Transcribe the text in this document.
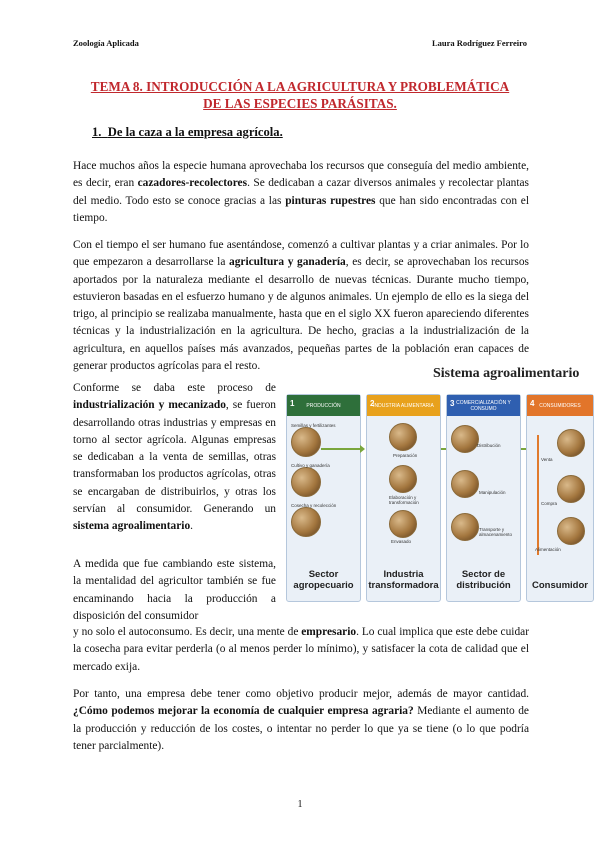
Zoología Aplicada	Laura Rodríguez Ferreiro
TEMA 8. INTRODUCCIÓN A LA AGRICULTURA Y PROBLEMÁTICA
DE LAS ESPECIES PARÁSITAS.
1. De la caza a la empresa agrícola.

Hace muchos años la especie humana aprovechaba los recursos que conseguía del medio ambiente, es decir, eran cazadores-recolectores. Se dedicaban a cazar diversos animales y recolectar plantas del medio. Todo esto se conoce gracias a las pinturas rupestres que han sido encontradas con el tiempo.

Con el tiempo el ser humano fue asentándose, comenzó a cultivar plantas y a criar animales. Por lo que empezaron a desarrollarse la agricultura y ganadería, es decir, se aprovechaban los recursos aportados por la naturaleza mediante el desarrollo de nuevas técnicas. Durante mucho tiempo, estuvieron basadas en el esfuerzo humano y de algunos animales. Un ejemplo de ello es la siega del trigo, al principio se realizaba manualmente, hasta que en el siglo XX fueron apareciendo diferentes técnicas y la industrialización en la agricultura. De hecho, gracias a la industrialización de la agricultura, en aquellos países más avanzados, pequeñas partes de la población eran capaces de generar productos agrícolas para el resto.

Conforme se daba este proceso de industrialización y mecanizado, se fueron desarrollando otras industrias y empresas en torno al sector agrícola. Algunas empresas se dedicaban a la venta de semillas, otras transformaban los productos agrícolas, otras se encargaban de distribuirlos, y otras los servían al consumidor. Generando un sistema agroalimentario.

A medida que fue cambiando este sistema, la mentalidad del agricultor también se fue encaminando hacia la producción a disposición del consumidor

y no solo el autoconsumo. Es decir, una mente de empresario. Lo cual implica que este debe cuidar la cosecha para evitar perderla (o al menos perder lo mínimo), y satisfacer la cota de calidad que el mercado exija.

Por tanto, una empresa debe tener como objetivo producir mejor, además de mayor cantidad. ¿Cómo podemos mejorar la economía de cualquier empresa agraria? Mediante el aumento de la producción y reducción de los costes, o intentar no perder lo que ya se tiene (o lo que podría tener parcialmente).

Sistema agroalimentario
PRODUCCIÓN
1
Semillas y fertilizantes
Cultivo y ganadería
Cosecha y recolección
Sector agropecuario
INDUSTRIA ALIMENTARIA
2
Preparación
Elaboración y transformación
Envasado
Industria transformadora
COMERCIALIZACIÓN Y CONSUMO
3
Distribución
Manipulación
Transporte y almacenamiento
Sector de distribución
CONSUMIDORES
4
Venta
Compra
Alimentación
Consumidor
1
